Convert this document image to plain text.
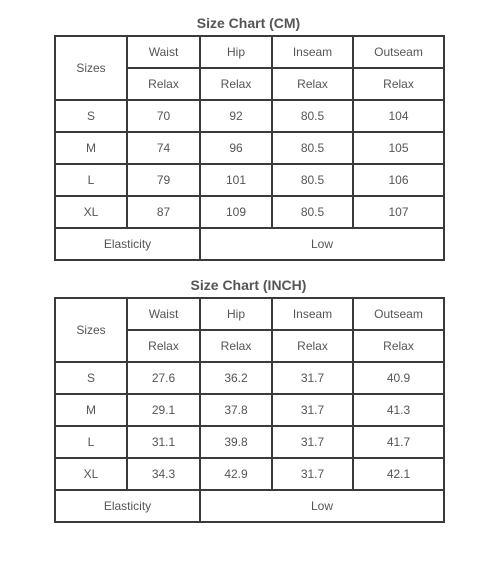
Size Chart (CM)
Sizes	Waist	Hip	Inseam	Outseam
	Relax	Relax	Relax	Relax
S	70	92	80.5	104
M	74	96	80.5	105
L	79	101	80.5	106
XL	87	109	80.5	107
Elasticity		Low		
Size Chart (INCH)
Sizes	Waist	Hip	Inseam	Outseam
	Relax	Relax	Relax	Relax
S	27.6	36.2	31.7	40.9
M	29.1	37.8	31.7	41.3
L	31.1	39.8	31.7	41.7
XL	34.3	42.9	31.7	42.1
Elasticity		Low		
